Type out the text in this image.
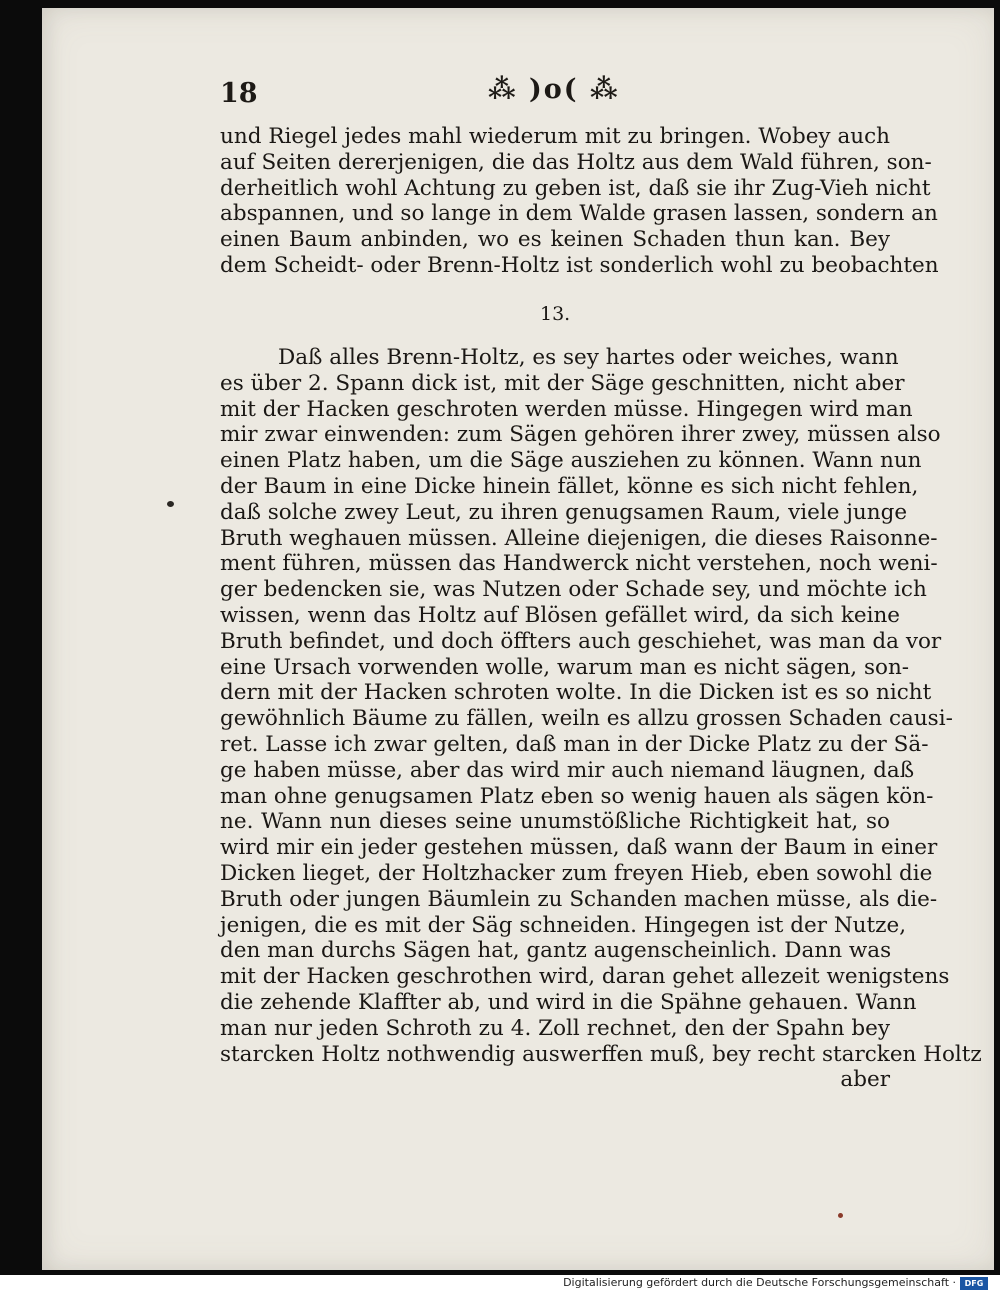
18	⁂ )o( ⁂
und Riegel jedes mahl wiederum mit zu bringen. Wobey auch
auf Seiten dererjenigen, die das Holtz aus dem Wald führen, son-
derheitlich wohl Achtung zu geben ist, daß sie ihr Zug-Vieh nicht
abspannen, und so lange in dem Walde grasen lassen, sondern an
einen Baum anbinden, wo es keinen Schaden thun kan. Bey
dem Scheidt- oder Brenn-Holtz ist sonderlich wohl zu beobachten
13.
Daß alles Brenn-Holtz, es sey hartes oder weiches, wann
es über 2. Spann dick ist, mit der Säge geschnitten, nicht aber
mit der Hacken geschroten werden müsse. Hingegen wird man
mir zwar einwenden: zum Sägen gehören ihrer zwey, müssen also
einen Platz haben, um die Säge ausziehen zu können. Wann nun
der Baum in eine Dicke hinein fället, könne es sich nicht fehlen,
daß solche zwey Leut, zu ihren genugsamen Raum, viele junge
Bruth weghauen müssen. Alleine diejenigen, die dieses Raisonne-
ment führen, müssen das Handwerck nicht verstehen, noch weni-
ger bedencken sie, was Nutzen oder Schade sey, und möchte ich
wissen, wenn das Holtz auf Blösen gefället wird, da sich keine
Bruth befindet, und doch öffters auch geschiehet, was man da vor
eine Ursach vorwenden wolle, warum man es nicht sägen, son-
dern mit der Hacken schroten wolte. In die Dicken ist es so nicht
gewöhnlich Bäume zu fällen, weiln es allzu grossen Schaden causi-
ret. Lasse ich zwar gelten, daß man in der Dicke Platz zu der Sä-
ge haben müsse, aber das wird mir auch niemand läugnen, daß
man ohne genugsamen Platz eben so wenig hauen als sägen kön-
ne. Wann nun dieses seine unumstößliche Richtigkeit hat, so
wird mir ein jeder gestehen müssen, daß wann der Baum in einer
Dicken lieget, der Holtzhacker zum freyen Hieb, eben sowohl die
Bruth oder jungen Bäumlein zu Schanden machen müsse, als die-
jenigen, die es mit der Säg schneiden. Hingegen ist der Nutze,
den man durchs Sägen hat, gantz augenscheinlich. Dann was
mit der Hacken geschrothen wird, daran gehet allezeit wenigstens
die zehende Klaffter ab, und wird in die Spähne gehauen. Wann
man nur jeden Schroth zu 4. Zoll rechnet, den der Spahn bey
starcken Holtz nothwendig auswerffen muß, bey recht starcken Holtz
aber
Digitalisierung gefördert durch die Deutsche Forschungsgemeinschaft ·	DFG
